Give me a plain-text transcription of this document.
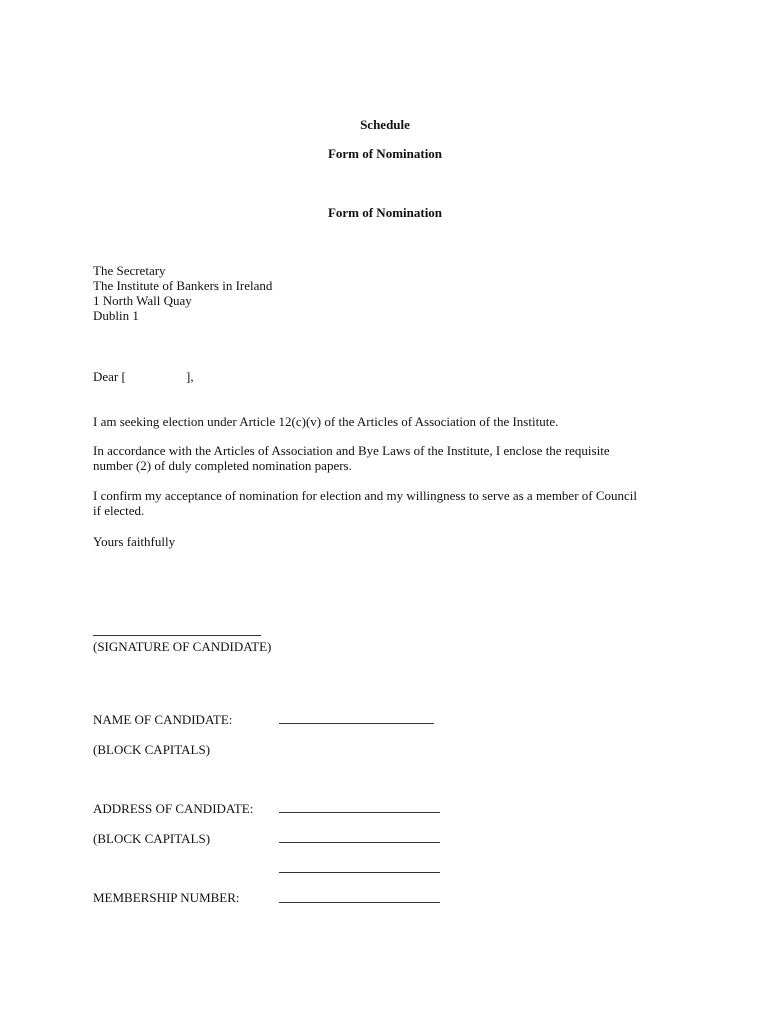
Schedule
Form of Nomination
Form of Nomination
The Secretary
The Institute of Bankers in Ireland
1 North Wall Quay
Dublin 1
Dear [	],
I am seeking election under Article 12(c)(v) of the Articles of Association of the Institute.
In accordance with the Articles of Association and Bye Laws of the Institute, I enclose the requisite
number (2) of duly completed nomination papers.
I confirm my acceptance of nomination for election and my willingness to serve as a member of Council
if elected.
Yours faithfully
(SIGNATURE OF CANDIDATE)
NAME OF CANDIDATE:
(BLOCK CAPITALS)
ADDRESS OF CANDIDATE:
(BLOCK CAPITALS)
MEMBERSHIP NUMBER:
